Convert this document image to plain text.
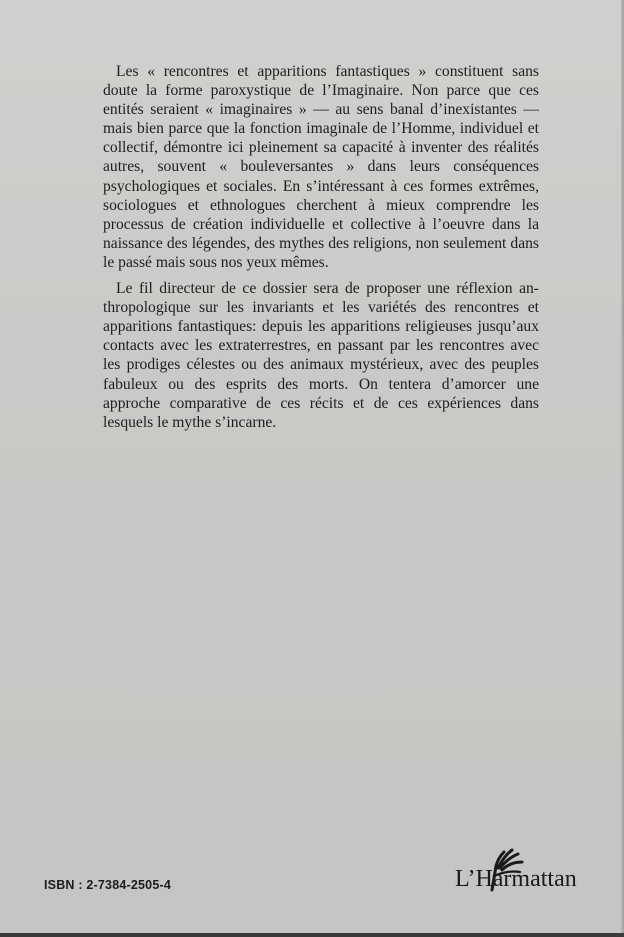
Les « rencontres et apparitions fantastiques » constituent sans doute la forme paroxystique de l’Imaginaire. Non parce que ces entités seraient « imaginaires » — au sens banal d’inexistantes — mais bien parce que la fonction imaginale de l’Homme, individuel et collectif, démontre ici pleinement sa capacité à inventer des réalités autres, souvent « bouleversantes » dans leurs conséquences psychologiques et sociales. En s’intéressant à ces formes extrêmes, sociologues et ethnologues cherchent à mieux comprendre les processus de création individuelle et collective à l’oeuvre dans la naissance des légendes, des mythes des religions, non seulement dans le passé mais sous nos yeux mêmes.

Le fil directeur de ce dossier sera de proposer une réflexion anthropologique sur les invariants et les variétés des rencontres et apparitions fantastiques: depuis les apparitions religieuses jusqu’aux contacts avec les extraterrestres, en passant par les rencontres avec les prodiges célestes ou des animaux mystérieux, avec des peuples fabuleux ou des esprits des morts. On tentera d’amorcer une approche comparative de ces récits et de ces expériences dans lesquels le mythe s’incarne.

ISBN : 2-7384-2505-4	L’Harmattan
